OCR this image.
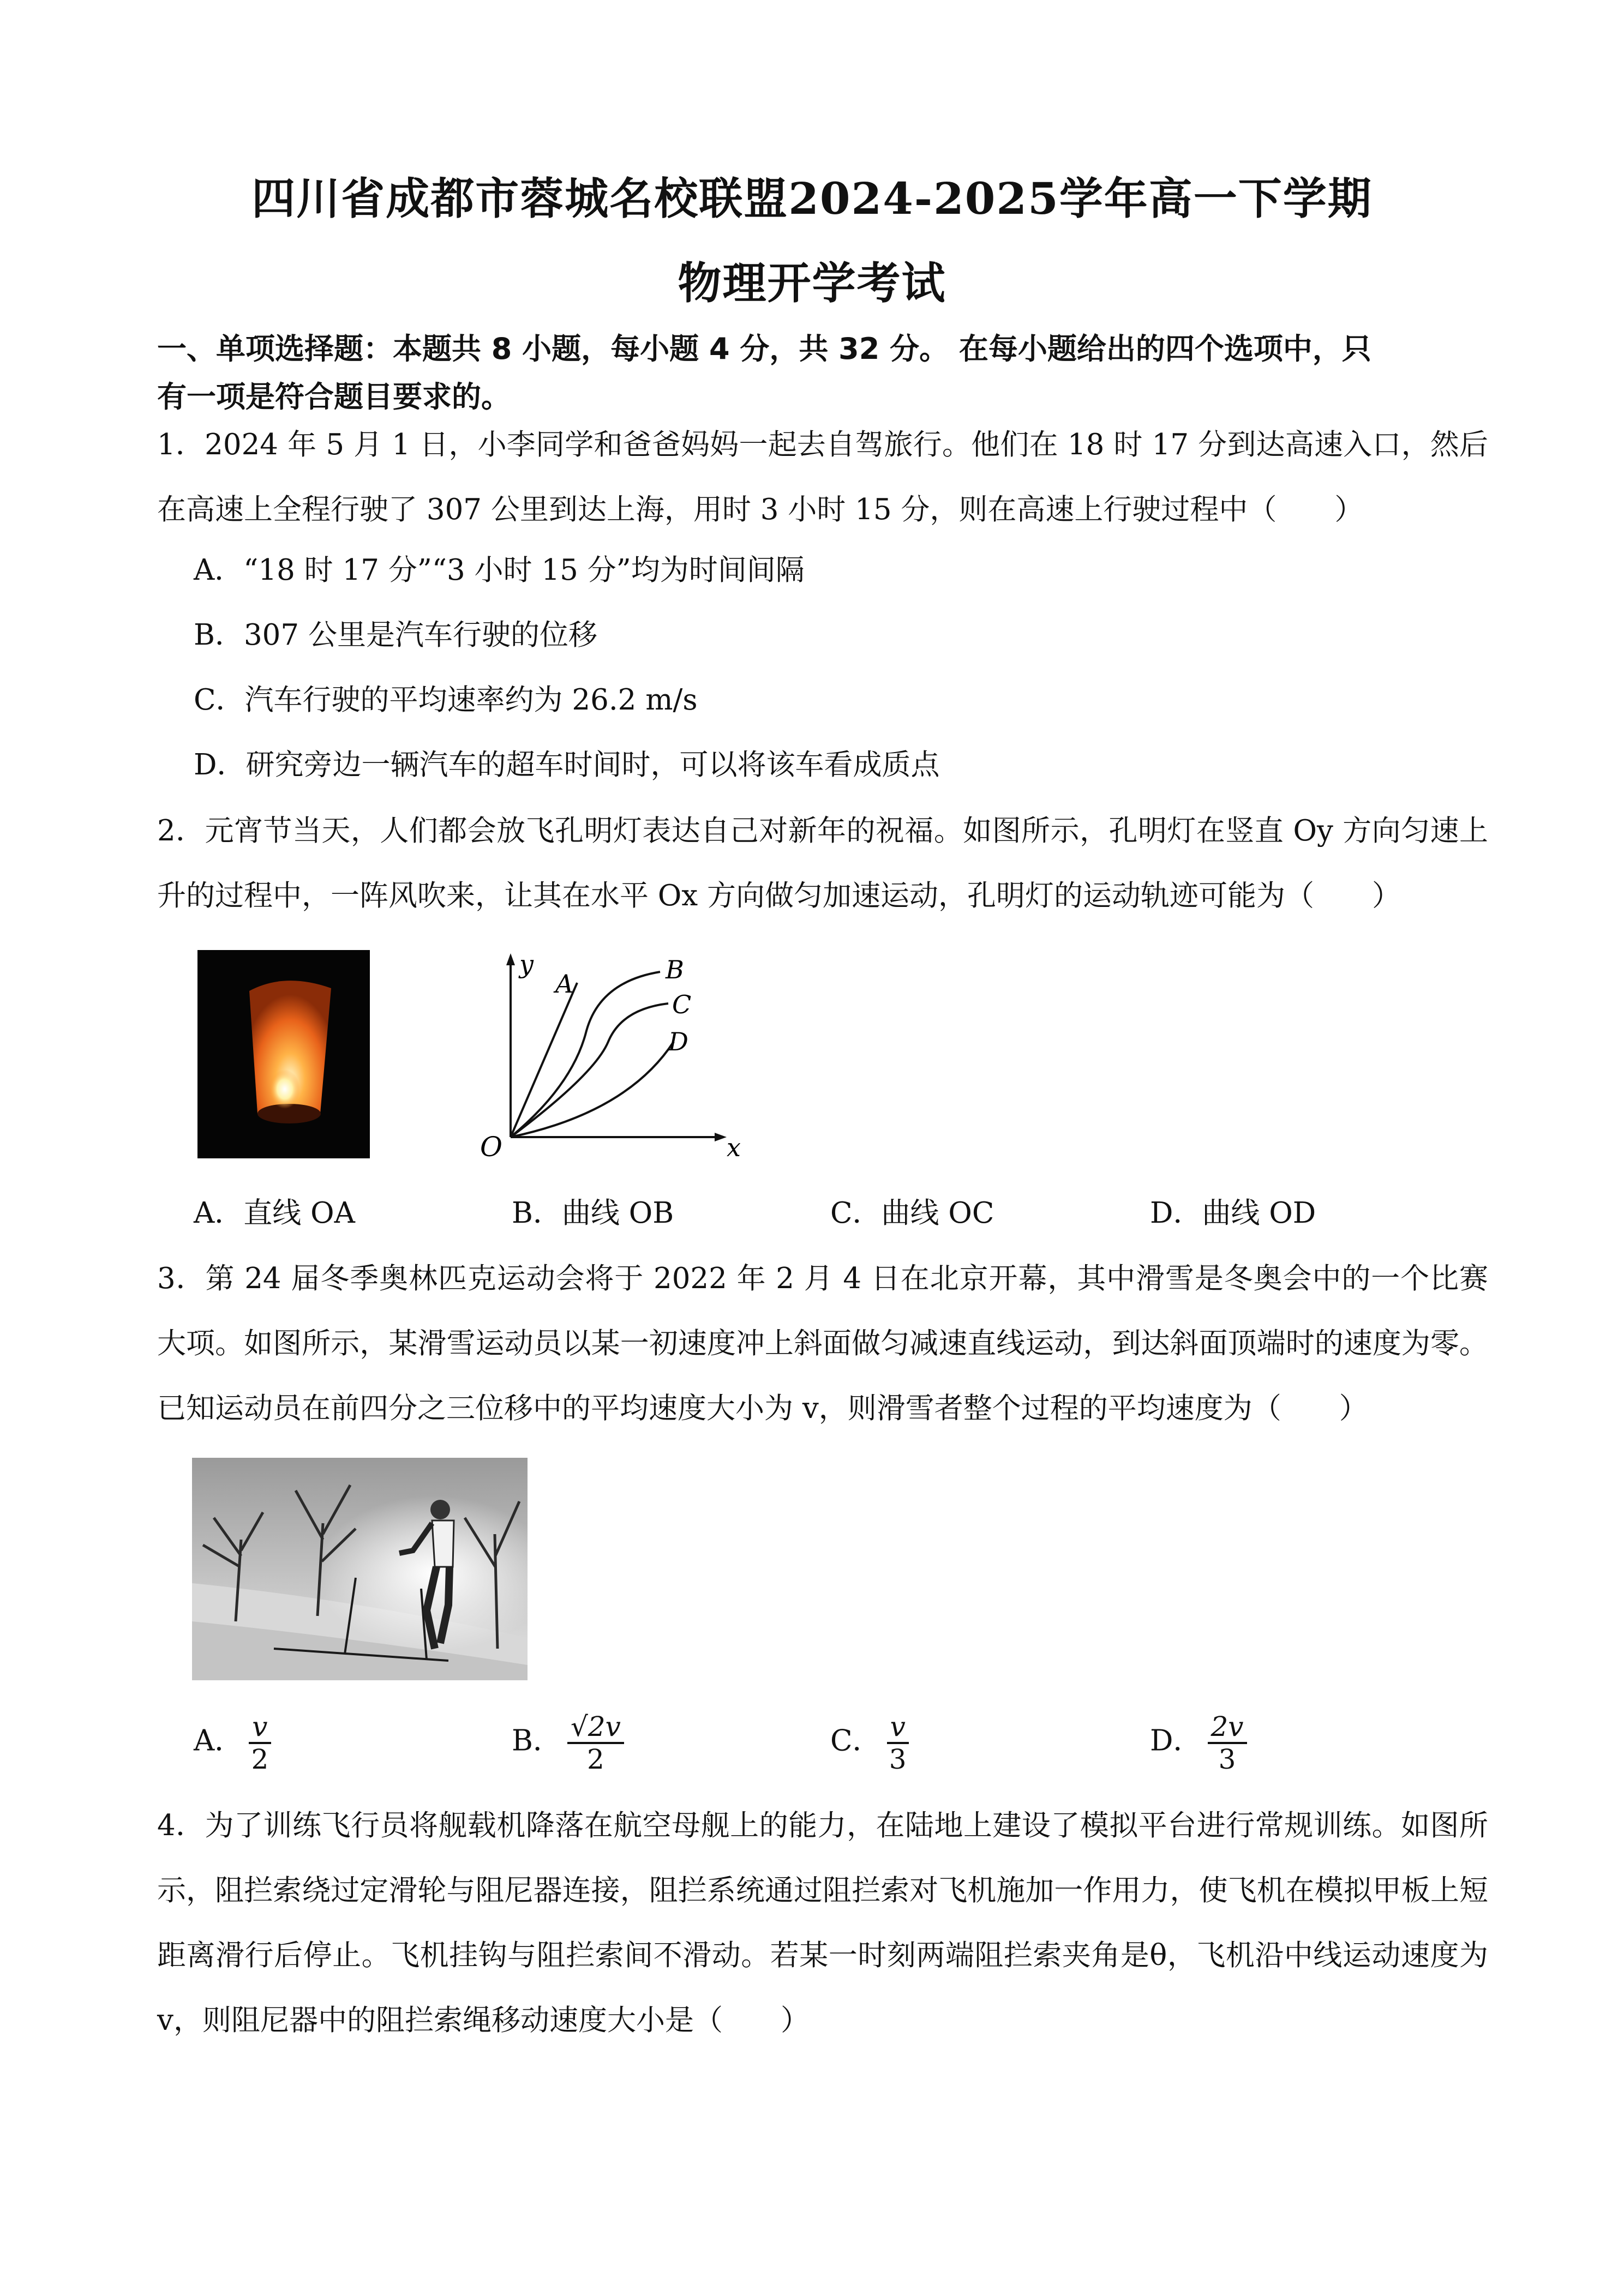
四川省成都市蓉城名校联盟2024-2025学年高一下学期
物理开学考试
一、单项选择题：本题共 8 小题，每小题 4 分，共 32 分。 在每小题给出的四个选项中，只
有一项是符合题目要求的。
1．2024 年 5 月 1 日，小李同学和爸爸妈妈一起去自驾旅行。他们在 18 时 17 分到达高速入口，然后在高速上全程行驶了 307 公里到达上海，用时 3 小时 15 分，则在高速上行驶过程中（　　）
A．“18 时 17 分”“3 小时 15 分”均为时间间隔
B．307 公里是汽车行驶的位移
C．汽车行驶的平均速率约为 26.2 m/s
D．研究旁边一辆汽车的超车时间时，可以将该车看成质点
2．元宵节当天，人们都会放飞孔明灯表达自己对新年的祝福。如图所示，孔明灯在竖直 Oy 方向匀速上升的过程中，一阵风吹来，让其在水平 Ox 方向做匀加速运动，孔明灯的运动轨迹可能为（　　）
O	x
y
A	B
C
D
A．直线 OA	B．曲线 OB	C．曲线 OC	D．曲线 OD
3．第 24 届冬季奥林匹克运动会将于 2022 年 2 月 4 日在北京开幕，其中滑雪是冬奥会中的一个比赛大项。如图所示，某滑雪运动员以某一初速度冲上斜面做匀减速直线运动，到达斜面顶端时的速度为零。已知运动员在前四分之三位移中的平均速度大小为 v，则滑雪者整个过程的平均速度为（　　）
A． $\frac{v}{2}$	B． $\frac{√2v}{2}$	C． $\frac{v}{3}$	D． $\frac{2v}{3}$
4．为了训练飞行员将舰载机降落在航空母舰上的能力，在陆地上建设了模拟平台进行常规训练。如图所示，阻拦索绕过定滑轮与阻尼器连接，阻拦系统通过阻拦索对飞机施加一作用力，使飞机在模拟甲板上短距离滑行后停止。飞机挂钩与阻拦索间不滑动。若某一时刻两端阻拦索夹角是θ，飞机沿中线运动速度为 v，则阻尼器中的阻拦索绳移动速度大小是（　　）
